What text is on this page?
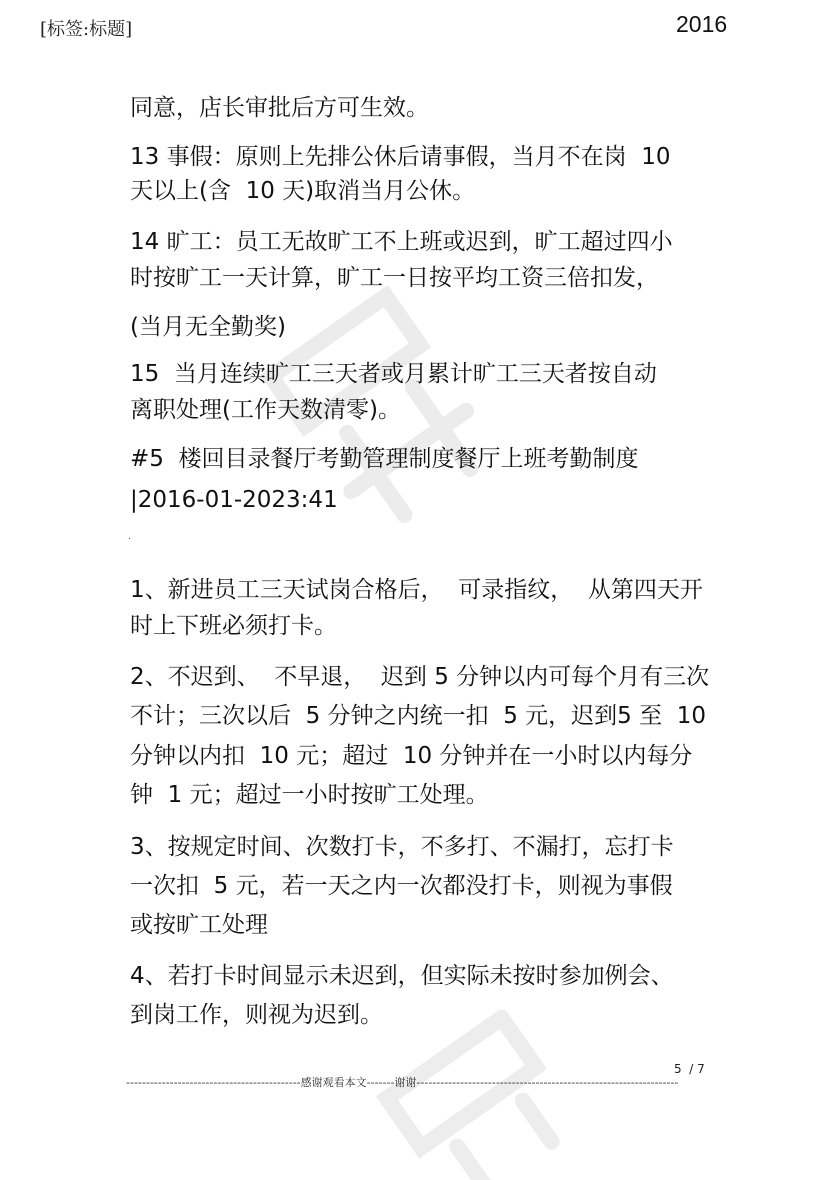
[标签:标题]	2016
同意，店长审批后方可生效。
13 事假：原则上先排公休后请事假，当月不在岗  10
天以上(含  10 天)取消当月公休。
14 旷工：员工无故旷工不上班或迟到，旷工超过四小
时按旷工一天计算，旷工一日按平均工资三倍扣发，
(当月无全勤奖)
15  当月连续旷工三天者或月累计旷工三天者按自动
离职处理(工作天数清零)。
#5  楼回目录餐厅考勤管理制度餐厅上班考勤制度
|2016-01-2023:41
·
1、新进员工三天试岗合格后，  可录指纹，  从第四天开
时上下班必须打卡。
2、不迟到、  不早退，  迟到 5 分钟以内可每个月有三次
不计；三次以后  5 分钟之内统一扣  5 元，迟到5 至  10
分钟以内扣  10 元；超过  10 分钟并在一小时以内每分
钟  1 元；超过一小时按旷工处理。
3、按规定时间、次数打卡，不多打、不漏打，忘打卡
一次扣  5 元，若一天之内一次都没打卡，则视为事假
或按旷工处理
4、若打卡时间显示未迟到，但实际未按时参加例会、
到岗工作，则视为迟到。
5  / 7
--------------------------------------------感谢观看本文-------谢谢------------------------------------------------------------------
